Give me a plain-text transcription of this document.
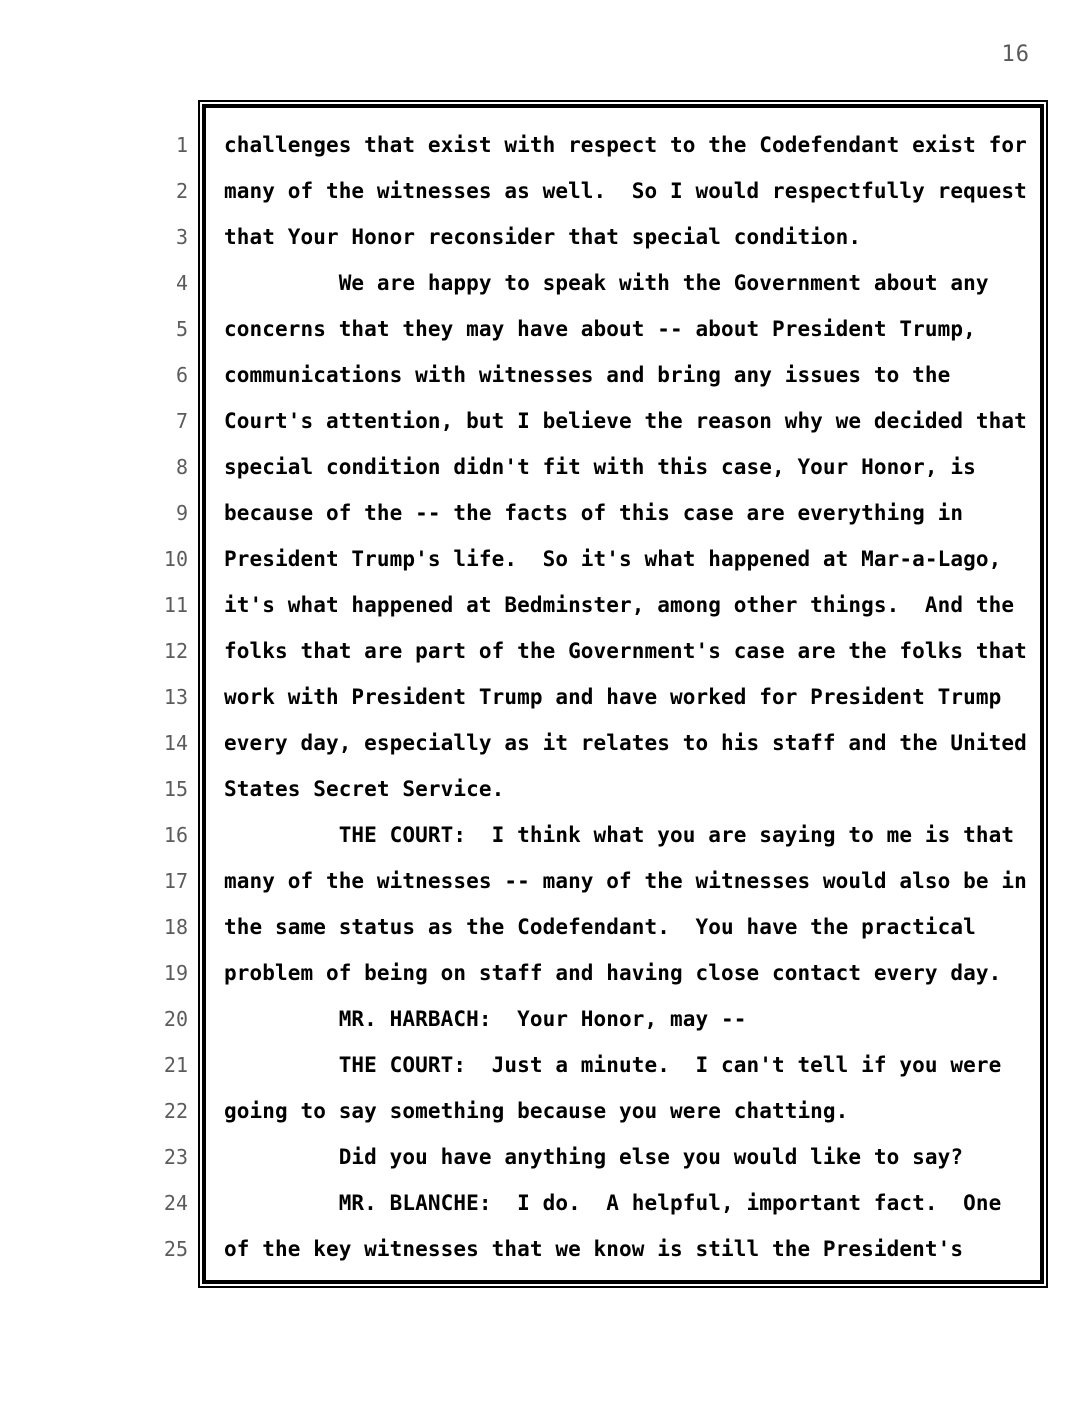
16
1
2
3
4
5
6
7
8
9
10
11
12
13
14
15
16
17
18
19
20
21
22
23
24
25
challenges that exist with respect to the Codefendant exist for
many of the witnesses as well.  So I would respectfully request
that Your Honor reconsider that special condition.
We are happy to speak with the Government about any
concerns that they may have about -- about President Trump,
communications with witnesses and bring any issues to the
Court's attention, but I believe the reason why we decided that
special condition didn't fit with this case, Your Honor, is
because of the -- the facts of this case are everything in
President Trump's life.  So it's what happened at Mar-a-Lago,
it's what happened at Bedminster, among other things.  And the
folks that are part of the Government's case are the folks that
work with President Trump and have worked for President Trump
every day, especially as it relates to his staff and the United
States Secret Service.
THE COURT:  I think what you are saying to me is that
many of the witnesses -- many of the witnesses would also be in
the same status as the Codefendant.  You have the practical
problem of being on staff and having close contact every day.
MR. HARBACH:  Your Honor, may --
THE COURT:  Just a minute.  I can't tell if you were
going to say something because you were chatting.
Did you have anything else you would like to say?
MR. BLANCHE:  I do.  A helpful, important fact.  One
of the key witnesses that we know is still the President's
